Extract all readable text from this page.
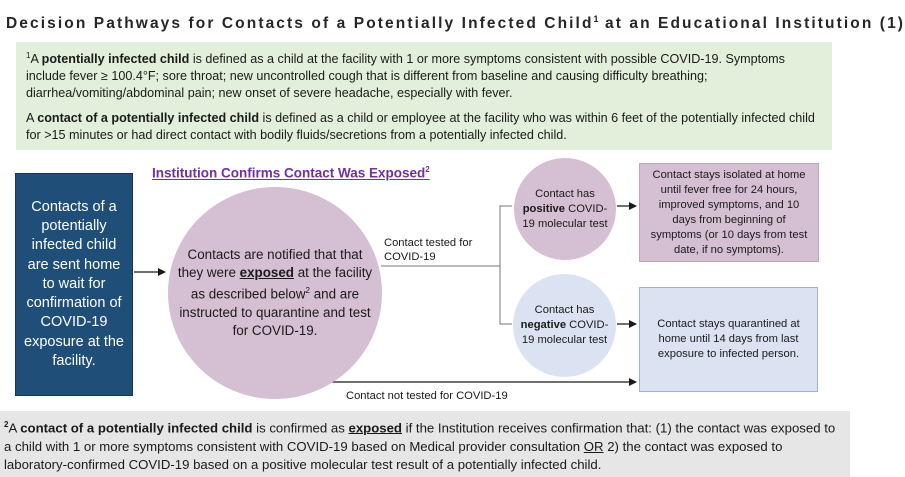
Decision Pathways for Contacts of a Potentially Infected Child$^1$ at an Educational Institution (1)

$^1$A potentially infected child is defined as a child at the facility with 1 or more symptoms consistent with possible COVID-19. Symptoms include fever ≥ 100.4°F; sore throat; new uncontrolled cough that is different from baseline and causing difficulty breathing; diarrhea/vomiting/abdominal pain; new onset of severe headache, especially with fever.

A contact of a potentially infected child is defined as a child or employee at the facility who was within 6 feet of the potentially infected child for >15 minutes or had direct contact with bodily fluids/secretions from a potentially infected child.

Contacts of a potentially infected child are sent home to wait for confirmation of COVID-19 exposure at the facility.
Institution Confirms Contact Was Exposed$^2$
Contacts are notified that that they were exposed at the facility as described below$^2$ and are instructed to quarantine and test for COVID-19.
Contact tested for COVID-19
Contact has positive COVID-19 molecular test
Contact has negative COVID-19 molecular test
Contact stays isolated at home until fever free for 24 hours, improved symptoms, and 10 days from beginning of symptoms (or 10 days from test date, if no symptoms).
Contact stays quarantined at home until 14 days from last exposure to infected person.
Contact not tested for COVID-19
$^2$A contact of a potentially infected child is confirmed as exposed if the Institution receives confirmation that: (1) the contact was exposed to a child with 1 or more symptoms consistent with COVID-19 based on Medical provider consultation OR 2) the contact was exposed to laboratory-confirmed COVID-19 based on a positive molecular test result of a potentially infected child.
